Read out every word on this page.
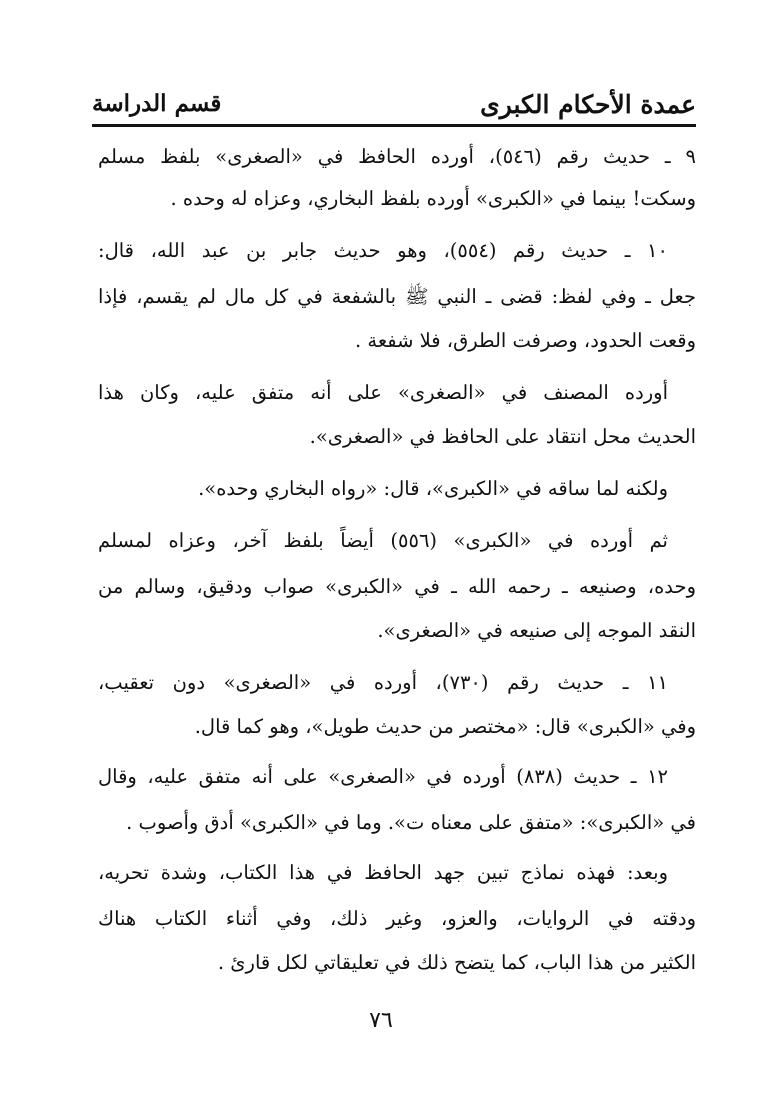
عمدة الأحكام الكبرى
قسم الدراسة
٩ ـ حديث رقم (٥٤٦)، أورده الحافظ في «الصغرى» بلفظ مسلم
وسكت! بينما في «الكبرى» أورده بلفظ البخاري، وعزاه له وحده .
١٠ ـ حديث رقم (٥٥٤)، وهو حديث جابر بن عبد الله، قال:
جعل ـ وفي لفظ: قضى ـ النبي ﷺ بالشفعة في كل مال لم يقسم، فإذا
وقعت الحدود، وصرفت الطرق، فلا شفعة .
أورده المصنف في «الصغرى» على أنه متفق عليه، وكان هذا
الحديث محل انتقاد على الحافظ في «الصغرى».
ولكنه لما ساقه في «الكبرى»، قال: «رواه البخاري وحده».
ثم أورده في «الكبرى» (٥٥٦) أيضاً بلفظ آخر، وعزاه لمسلم
وحده، وصنيعه ـ رحمه الله ـ في «الكبرى» صواب ودقيق، وسالم من
النقد الموجه إلى صنيعه في «الصغرى».
١١ ـ حديث رقم (٧٣٠)، أورده في «الصغرى» دون تعقيب،
وفي «الكبرى» قال: «مختصر من حديث طويل»، وهو كما قال.
١٢ ـ حديث (٨٣٨) أورده في «الصغرى» على أنه متفق عليه، وقال
في «الكبرى»: «متفق على معناه ت». وما في «الكبرى» أدق وأصوب .
وبعد: فهذه نماذج تبين جهد الحافظ في هذا الكتاب، وشدة تحريه،
ودقته في الروايات، والعزو، وغير ذلك، وفي أثناء الكتاب هناك
الكثير من هذا الباب، كما يتضح ذلك في تعليقاتي لكل قارئ .
٧٦
